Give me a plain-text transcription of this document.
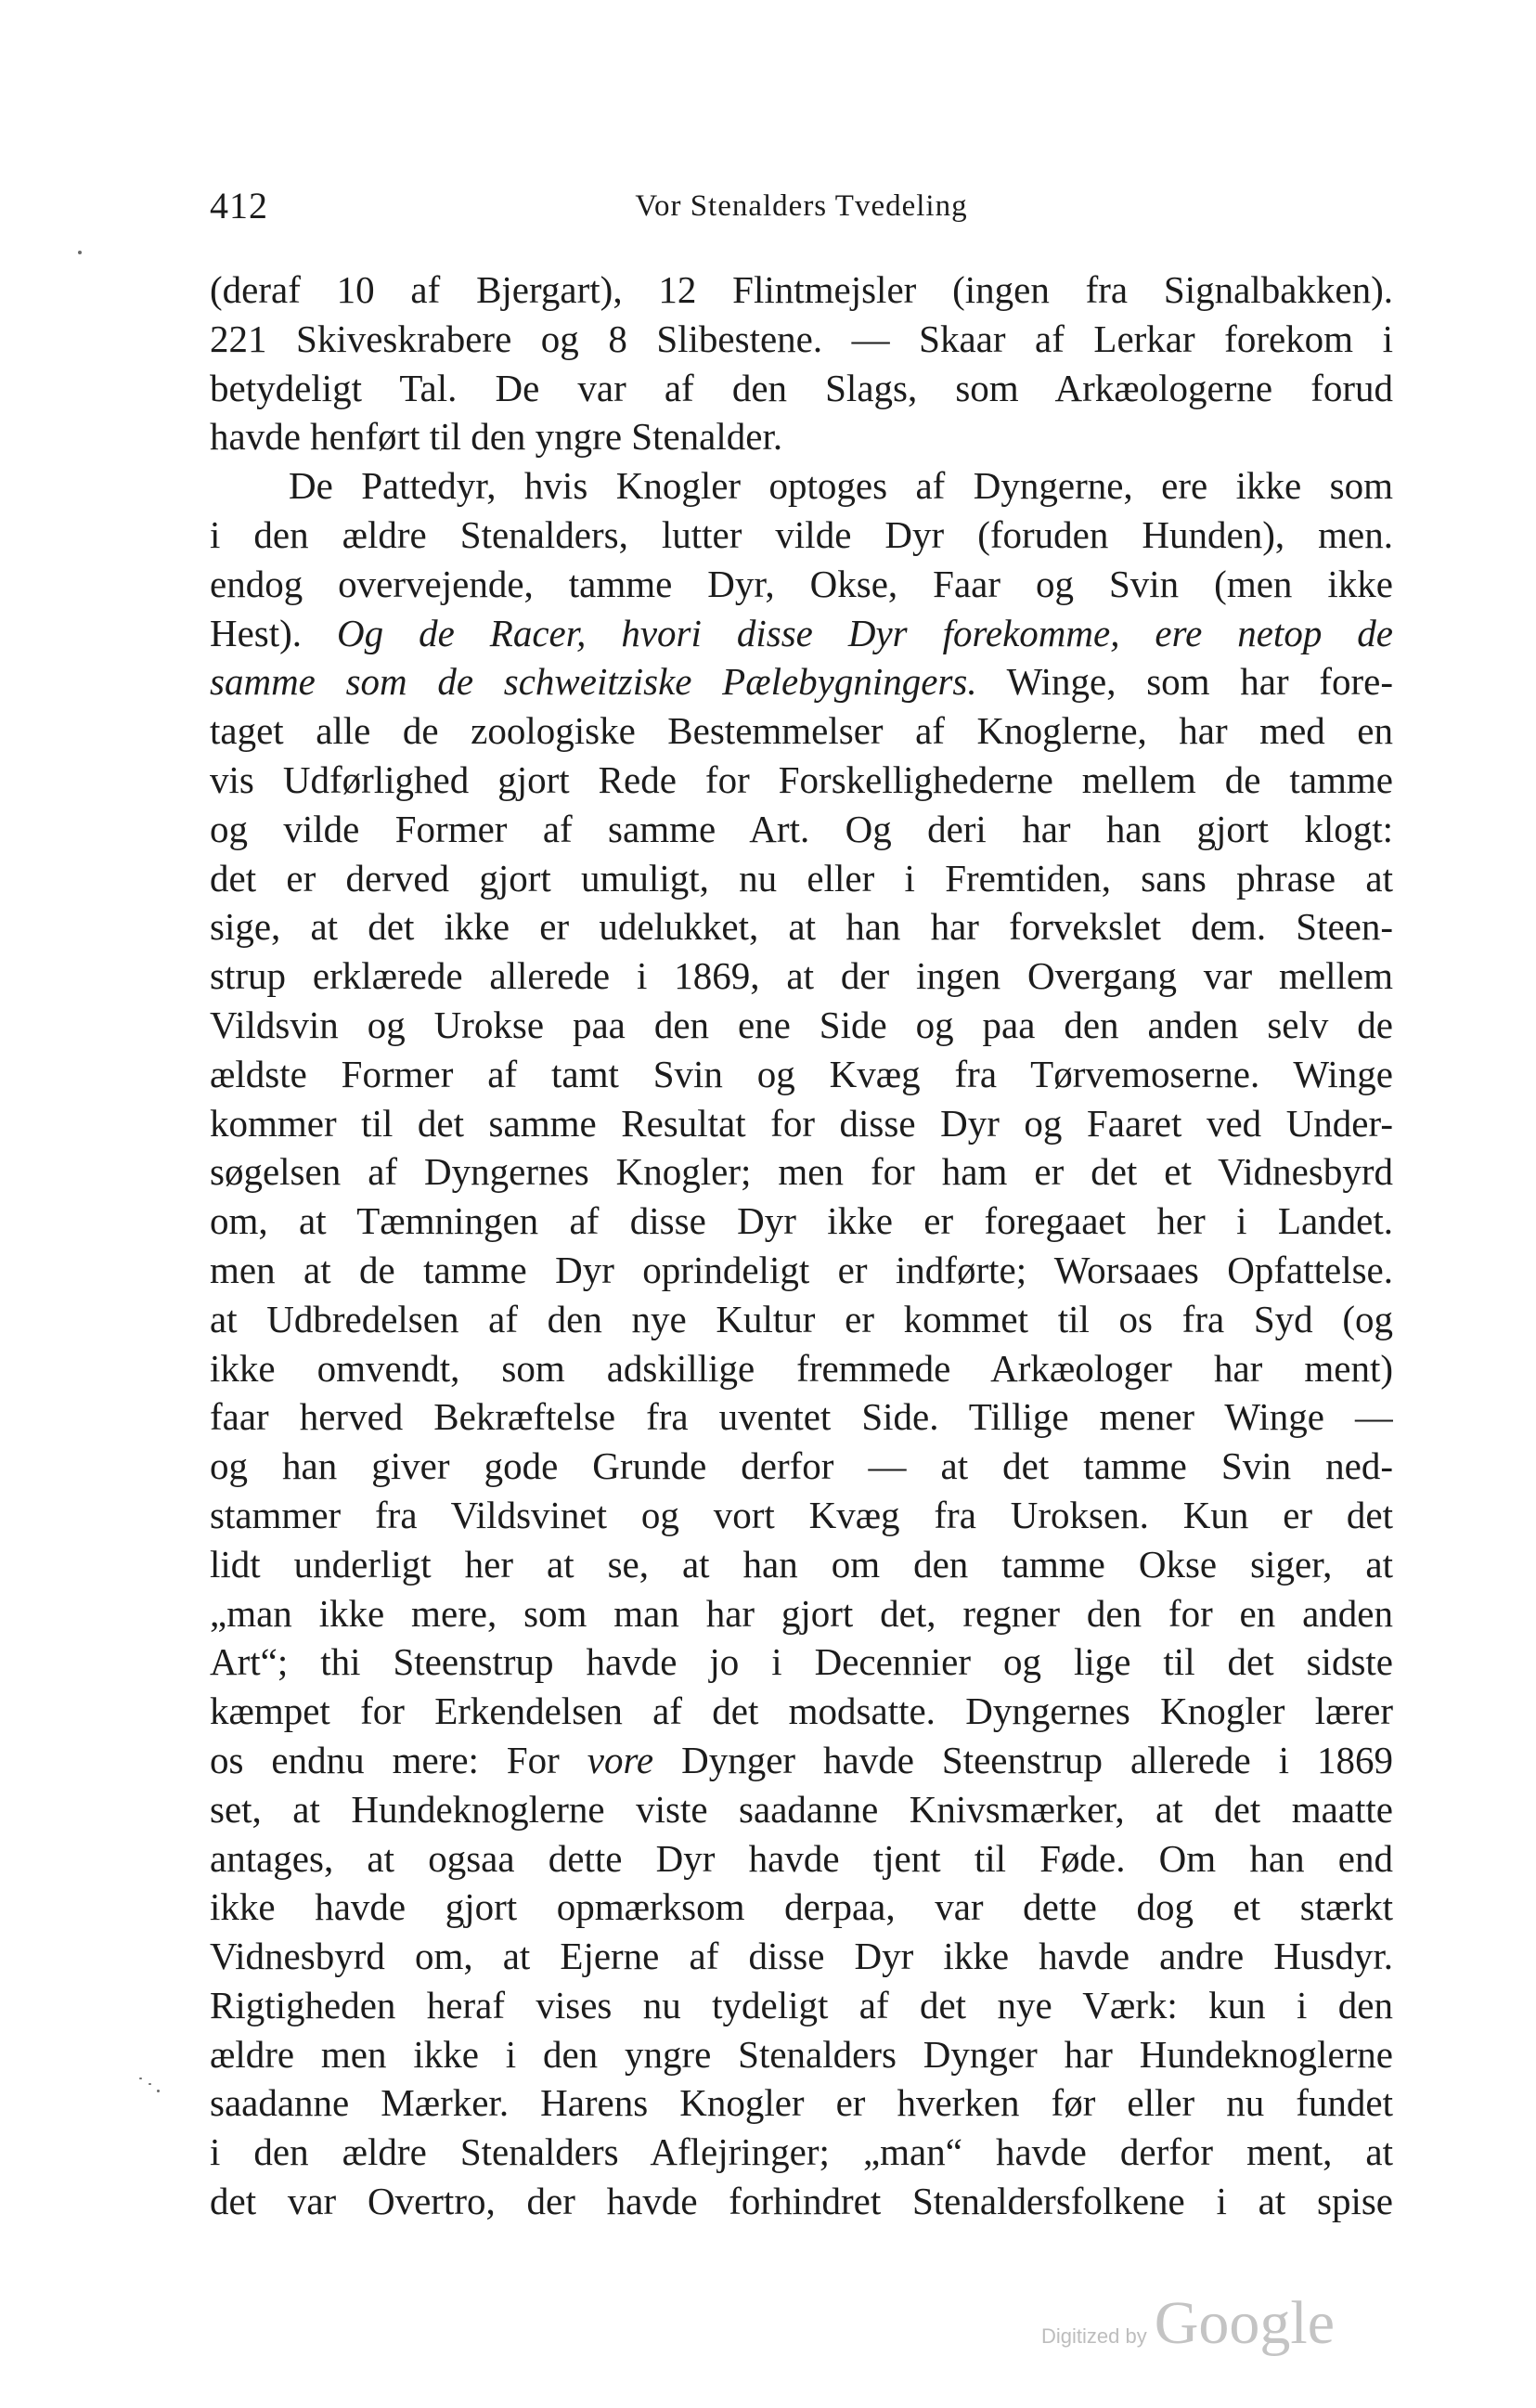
412	Vor Stenalders Tvedeling
(deraf 10 af Bjergart), 12 Flintmejsler (ingen fra Signalbakken).
221 Skiveskrabere og 8 Slibestene. — Skaar af Lerkar forekom i
betydeligt Tal. De var af den Slags, som Arkæologerne forud
havde henført til den yngre Stenalder.
De Pattedyr, hvis Knogler optoges af Dyngerne, ere ikke som
i den ældre Stenalders, lutter vilde Dyr (foruden Hunden), men.
endog overvejende, tamme Dyr, Okse, Faar og Svin (men ikke
Hest). Og de Racer, hvori disse Dyr forekomme, ere netop de
samme som de schweitziske Pælebygningers. Winge, som har fore-
taget alle de zoologiske Bestemmelser af Knoglerne, har med en
vis Udførlighed gjort Rede for Forskellighederne mellem de tamme
og vilde Former af samme Art. Og deri har han gjort klogt:
det er derved gjort umuligt, nu eller i Fremtiden, sans phrase at
sige, at det ikke er udelukket, at han har forvekslet dem. Steen-
strup erklærede allerede i 1869, at der ingen Overgang var mellem
Vildsvin og Urokse paa den ene Side og paa den anden selv de
ældste Former af tamt Svin og Kvæg fra Tørvemoserne. Winge
kommer til det samme Resultat for disse Dyr og Faaret ved Under-
søgelsen af Dyngernes Knogler; men for ham er det et Vidnesbyrd
om, at Tæmningen af disse Dyr ikke er foregaaet her i Landet.
men at de tamme Dyr oprindeligt er indførte; Worsaaes Opfattelse.
at Udbredelsen af den nye Kultur er kommet til os fra Syd (og
ikke omvendt, som adskillige fremmede Arkæologer har ment)
faar herved Bekræftelse fra uventet Side. Tillige mener Winge —
og han giver gode Grunde derfor — at det tamme Svin ned-
stammer fra Vildsvinet og vort Kvæg fra Uroksen. Kun er det
lidt underligt her at se, at han om den tamme Okse siger, at
„man ikke mere, som man har gjort det, regner den for en anden
Art“; thi Steenstrup havde jo i Decennier og lige til det sidste
kæmpet for Erkendelsen af det modsatte. Dyngernes Knogler lærer
os endnu mere: For vore Dynger havde Steenstrup allerede i 1869
set, at Hundeknoglerne viste saadanne Knivsmærker, at det maatte
antages, at ogsaa dette Dyr havde tjent til Føde. Om han end
ikke havde gjort opmærksom derpaa, var dette dog et stærkt
Vidnesbyrd om, at Ejerne af disse Dyr ikke havde andre Husdyr.
Rigtigheden heraf vises nu tydeligt af det nye Værk: kun i den
ældre men ikke i den yngre Stenalders Dynger har Hundeknoglerne
saadanne Mærker. Harens Knogler er hverken før eller nu fundet
i den ældre Stenalders Aflejringer; „man“ havde derfor ment, at
det var Overtro, der havde forhindret Stenaldersfolkene i at spise
Digitized by Google
